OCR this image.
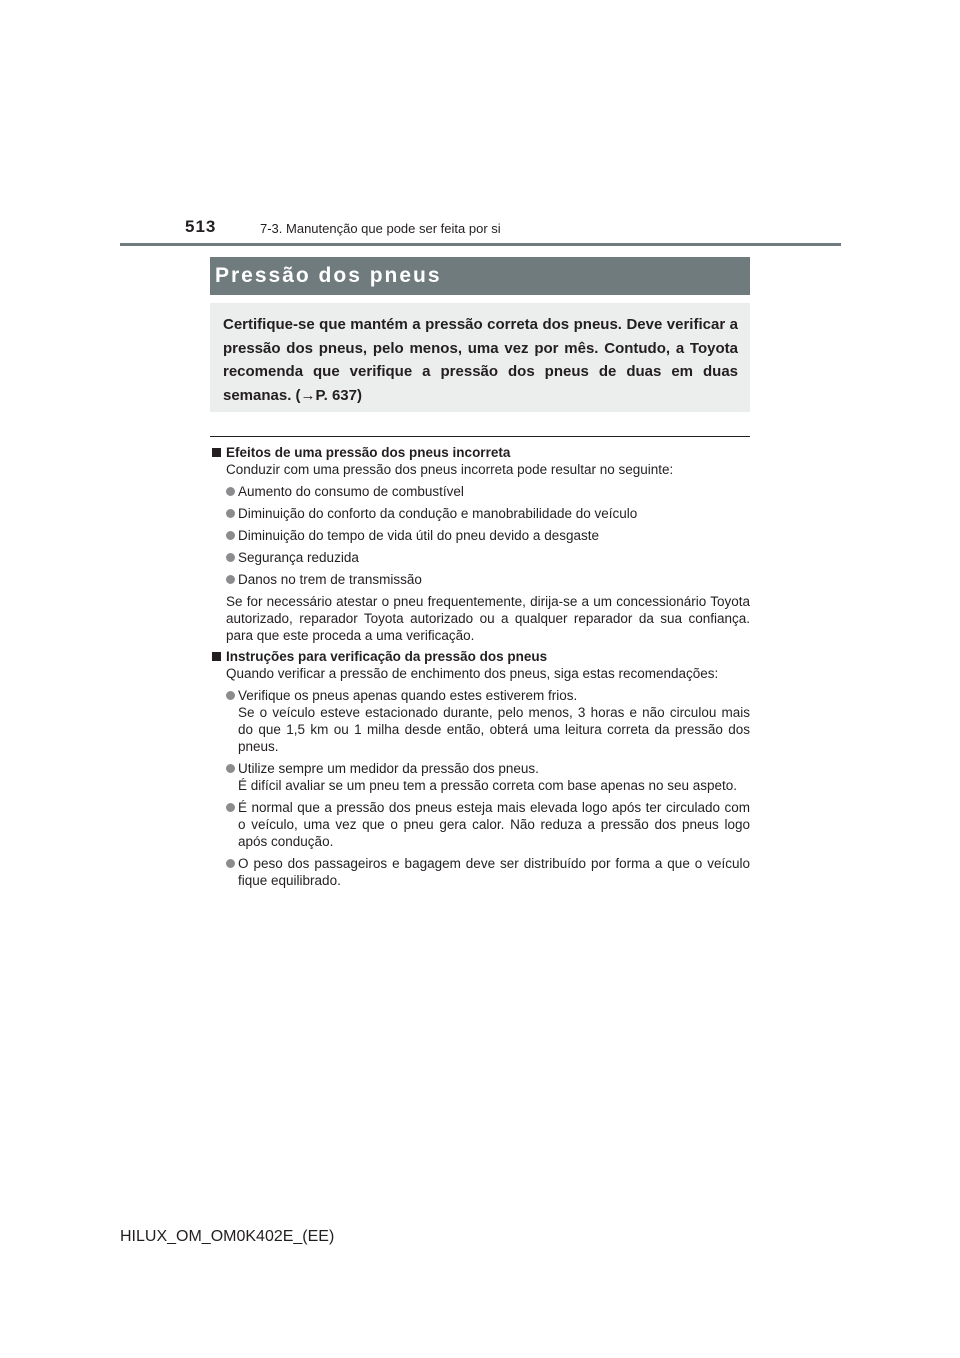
513	7-3. Manutenção que pode ser feita por si
Pressão dos pneus

Certifique-se que mantém a pressão correta dos pneus. Deve verificar a pressão dos pneus, pelo menos, uma vez por mês. Contudo, a Toyota recomenda que verifique a pressão dos pneus de duas em duas semanas. (→P. 637)

Efeitos de uma pressão dos pneus incorreta

Conduzir com uma pressão dos pneus incorreta pode resultar no seguinte:

Aumento do consumo de combustível

Diminuição do conforto da condução e manobrabilidade do veículo

Diminuição do tempo de vida útil do pneu devido a desgaste

Segurança reduzida

Danos no trem de transmissão

Se for necessário atestar o pneu frequentemente, dirija-se a um concessionário Toyota autorizado, reparador Toyota autorizado ou a qualquer reparador da sua confiança. para que este proceda a uma verificação.

Instruções para verificação da pressão dos pneus

Quando verificar a pressão de enchimento dos pneus, siga estas recomendações:

Verifique os pneus apenas quando estes estiverem frios.
Se o veículo esteve estacionado durante, pelo menos, 3 horas e não circulou mais do que 1,5 km ou 1 milha desde então, obterá uma leitura correta da pressão dos pneus.
Utilize sempre um medidor da pressão dos pneus.
É difícil avaliar se um pneu tem a pressão correta com base apenas no seu aspeto.

É normal que a pressão dos pneus esteja mais elevada logo após ter circulado com o veículo, uma vez que o pneu gera calor. Não reduza a pressão dos pneus logo após condução.

O peso dos passageiros e bagagem deve ser distribuído por forma a que o veículo fique equilibrado.

HILUX_OM_OM0K402E_(EE)
